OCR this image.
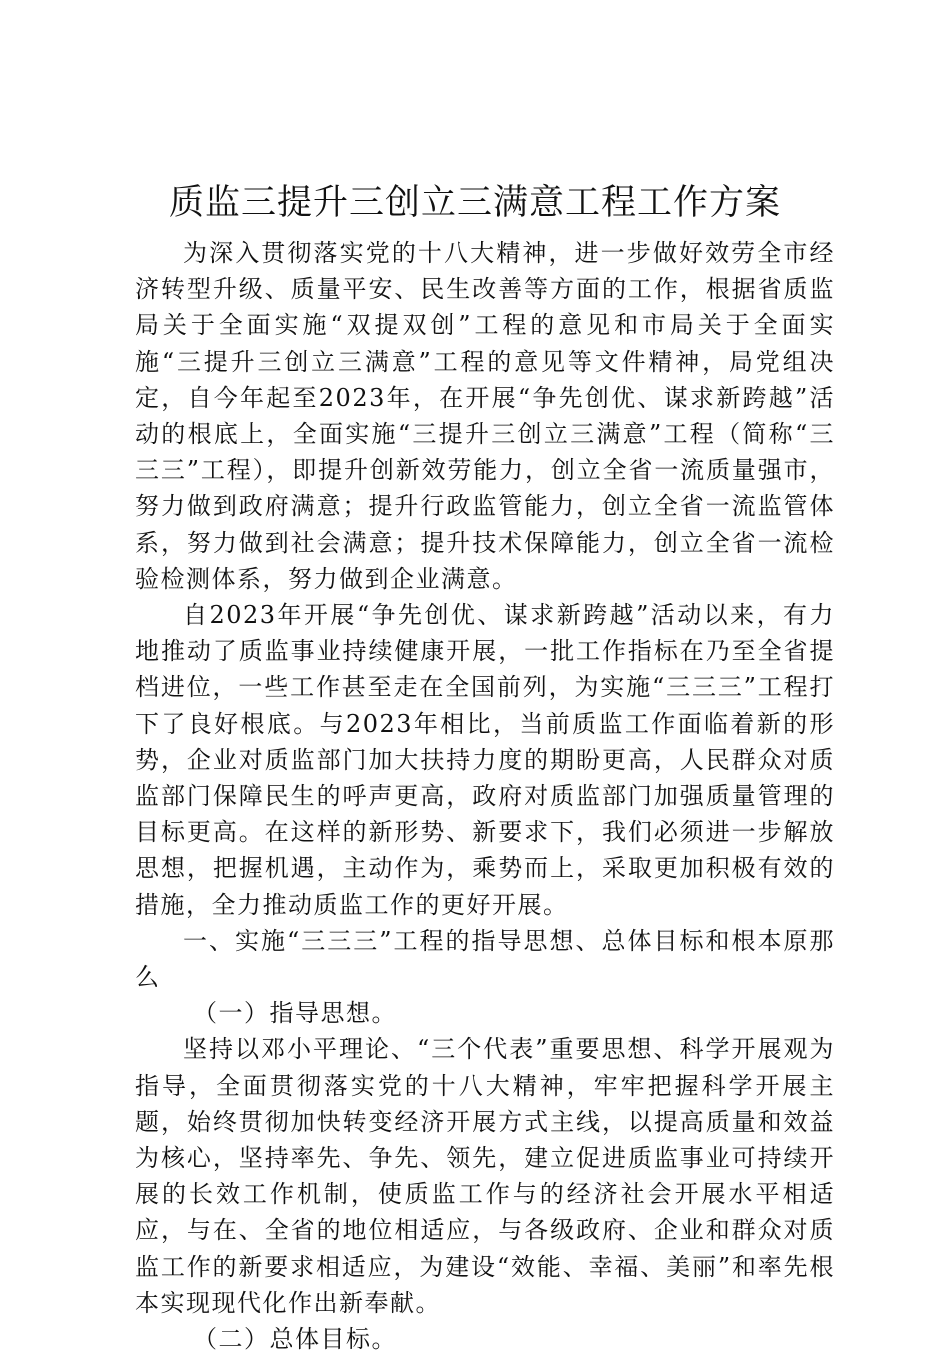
质监三提升三创立三满意工程工作方案

为深入贯彻落实党的十八大精神，进一步做好效劳全市经济转型升级、质量平安、民生改善等方面的工作，根据省质监局关于全面实施“双提双创”工程的意见和市局关于全面实施“三提升三创立三满意”工程的意见等文件精神，局党组决定，自今年起至2023年，在开展“争先创优、谋求新跨越”活动的根底上，全面实施“三提升三创立三满意”工程（简称“三三三”工程），即提升创新效劳能力，创立全省一流质量强市，努力做到政府满意；提升行政监管能力，创立全省一流监管体系，努力做到社会满意；提升技术保障能力，创立全省一流检验检测体系，努力做到企业满意。

自2023年开展“争先创优、谋求新跨越”活动以来，有力地推动了质监事业持续健康开展，一批工作指标在乃至全省提档进位，一些工作甚至走在全国前列，为实施“三三三”工程打下了良好根底。与2023年相比，当前质监工作面临着新的形势，企业对质监部门加大扶持力度的期盼更高，人民群众对质监部门保障民生的呼声更高，政府对质监部门加强质量管理的目标更高。在这样的新形势、新要求下，我们必须进一步解放思想，把握机遇，主动作为，乘势而上，采取更加积极有效的措施，全力推动质监工作的更好开展。

一、实施“三三三”工程的指导思想、总体目标和根本原那么

（一）指导思想。

坚持以邓小平理论、“三个代表”重要思想、科学开展观为指导，全面贯彻落实党的十八大精神，牢牢把握科学开展主题，始终贯彻加快转变经济开展方式主线，以提高质量和效益为核心，坚持率先、争先、领先，建立促进质监事业可持续开展的长效工作机制，使质监工作与的经济社会开展水平相适应，与在、全省的地位相适应，与各级政府、企业和群众对质监工作的新要求相适应，为建设“效能、幸福、美丽”和率先根本实现现代化作出新奉献。

（二）总体目标。
